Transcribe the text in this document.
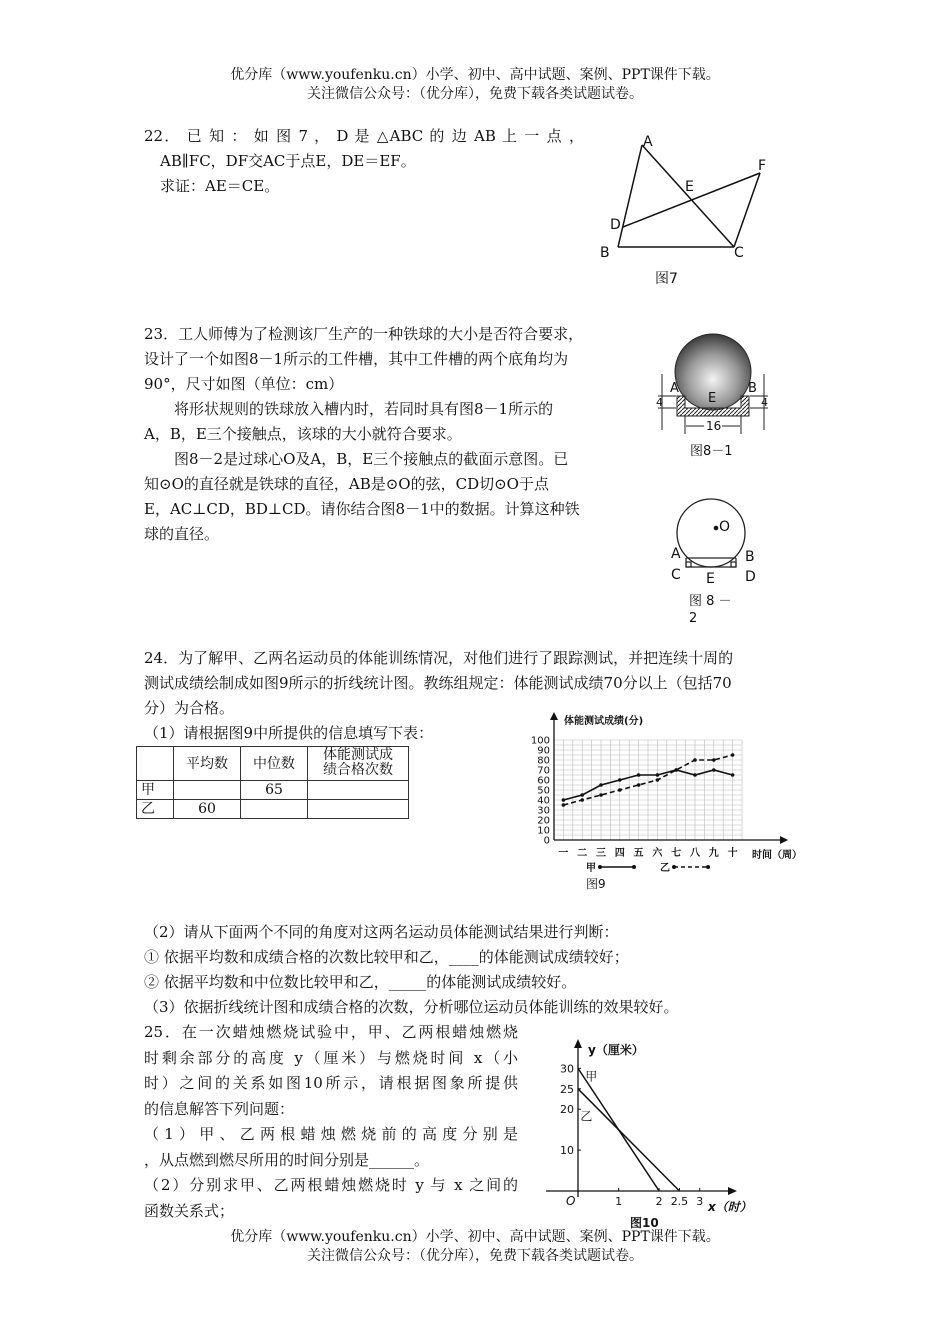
优分库（www.youfenku.cn）小学、初中、高中试题、案例、PPT课件下载。
关注微信公众号：（优分库），免费下载各类试题试卷。

22． 已 知 ： 如 图 7 ， D 是 △ABC 的 边 AB 上 一 点 ，

AB∥FC，DF交AC于点E，DE＝EF。

求证：AE＝CE。

A
B	C
D
E
F
图7

23．工人师傅为了检测该厂生产的一种铁球的大小是否符合要求，

设计了一个如图8－1所示的工件槽，其中工件槽的两个底角均为

90°，尺寸如图（单位：cm）

将形状规则的铁球放入槽内时，若同时具有图8－1所示的

A，B，E三个接触点，该球的大小就符合要求。

图8－2是过球心O及A，B，E三个接触点的截面示意图。已

知⊙O的直径就是铁球的直径，AB是⊙O的弦，CD切⊙O于点

E，AC⊥CD，BD⊥CD。请你结合图8－1中的数据。计算这种铁

球的直径。

A	B
E
4	4
16
图8－1
O
A	B
C	D
E
图 8 －
2

24．为了解甲、乙两名运动员的体能训练情况，对他们进行了跟踪测试，并把连续十周的

测试成绩绘制成如图9所示的折线统计图。教练组规定：体能测试成绩70分以上（包括70

分）为合格。

（1）请根据图9中所提供的信息填写下表：

	平均数	中位数	体能测试成
绩合格次数

甲		65	
乙	60		
体能测试成绩(分)
0
10
20
30
40
50
60
70
80
90
100
一 二 三 四 五 六 七 八 九 十 时间（周）
甲	乙
图9

（2）请从下面两个不同的角度对这两名运动员体能测试结果进行判断：

① 依据平均数和成绩合格的次数比较甲和乙，____的体能测试成绩较好；

② 依据平均数和中位数比较甲和乙，_____的体能测试成绩较好。

（3）依据折线统计图和成绩合格的次数，分析哪位运动员体能训练的效果较好。

25．在一次蜡烛燃烧试验中，甲、乙两根蜡烛燃烧

时剩余部分的高度 y（厘米）与燃烧时间 x（小

时）之间的关系如图10所示，请根据图象所提供

的信息解答下列问题：

（1）甲、乙两根蜡烛燃烧前的高度分别是

，从点燃到燃尽所用的时间分别是______。

（2）分别求甲、乙两根蜡烛燃烧时 y 与 x 之间的

函数关系式；

y（厘米）
x（时）
O
10
20
25
30
1	2 2.5 3
甲
乙
图10
优分库（www.youfenku.cn）小学、初中、高中试题、案例、PPT课件下载。
关注微信公众号：（优分库），免费下载各类试题试卷。
